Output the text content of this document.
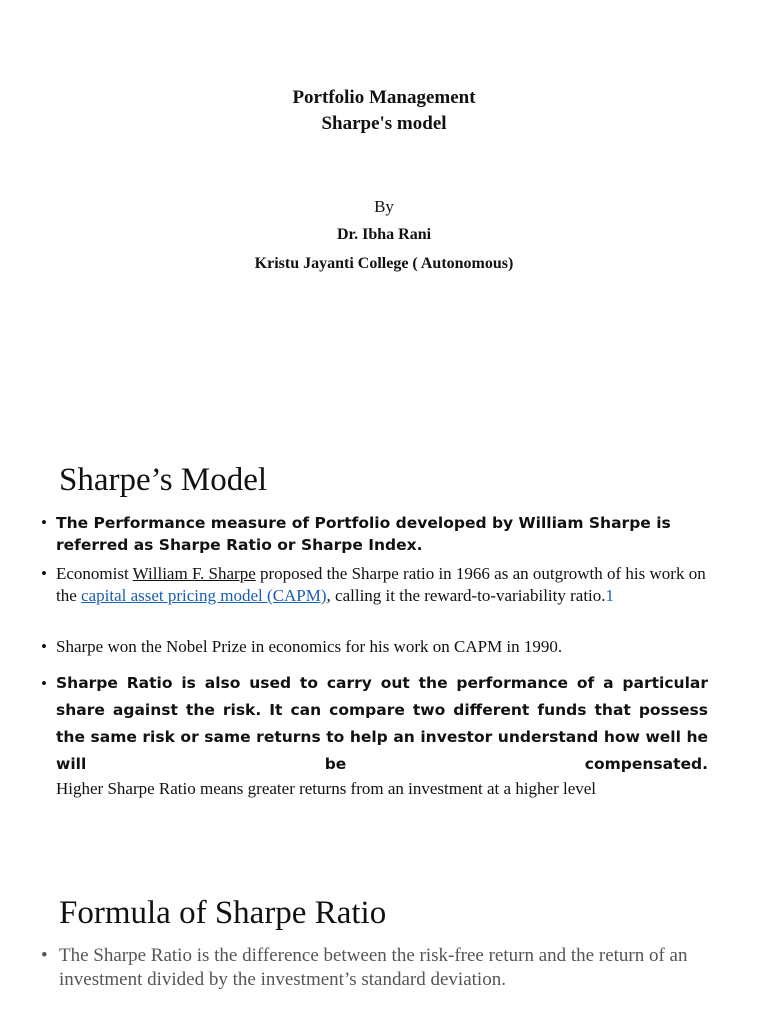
Portfolio Management
Sharpe's model
By
Dr. Ibha Rani
Kristu Jayanti College ( Autonomous)
Sharpe’s Model
• The Performance measure of Portfolio developed by William Sharpe is referred as Sharpe Ratio or Sharpe Index.
• Economist William F. Sharpe proposed the Sharpe ratio in 1966 as an outgrowth of his work on the capital asset pricing model (CAPM), calling it the reward-to-variability ratio.1
• Sharpe won the Nobel Prize in economics for his work on CAPM in 1990.
• Sharpe Ratio is also used to carry out the performance of a particular share against the risk. It can compare two different funds that possess the same risk or same returns to help an investor understand how well he will be compensated.
Higher Sharpe Ratio means greater returns from an investment at a higher level
Formula of Sharpe Ratio
• The Sharpe Ratio is the difference between the risk-free return and the return of an investment divided by the investment’s standard deviation.
